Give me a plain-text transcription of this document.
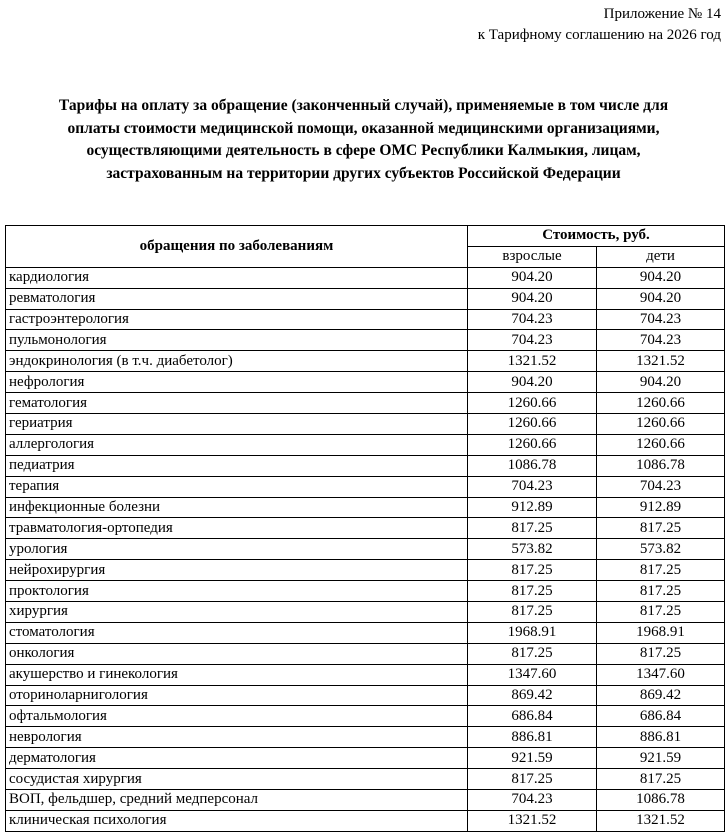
Приложение № 14
к Тарифному соглашению на 2026 год
Тарифы на оплату за обращение (законченный случай), применяемые в том числе для
оплаты стоимости медицинской помощи, оказанной медицинскими организациями,
осуществляющими деятельность в сфере ОМС Республики Калмыкия, лицам,
застрахованным на территории других субъектов Российской Федерации
обращения по заболеваниям	Стоимость, руб.	
	взрослые	дети
кардиология	904.20	904.20
ревматология	904.20	904.20
гастроэнтерология	704.23	704.23
пульмонология	704.23	704.23
эндокринология (в т.ч. диабетолог)	1321.52	1321.52
нефрология	904.20	904.20
гематология	1260.66	1260.66
гериатрия	1260.66	1260.66
аллергология	1260.66	1260.66
педиатрия	1086.78	1086.78
терапия	704.23	704.23
инфекционные болезни	912.89	912.89
травматология-ортопедия	817.25	817.25
урология	573.82	573.82
нейрохирургия	817.25	817.25
проктология	817.25	817.25
хирургия	817.25	817.25
стоматология	1968.91	1968.91
онкология	817.25	817.25
акушерство и гинекология	1347.60	1347.60
оториноларнигология	869.42	869.42
офтальмология	686.84	686.84
неврология	886.81	886.81
дерматология	921.59	921.59
сосудистая хирургия	817.25	817.25
ВОП, фельдшер, средний медперсонал	704.23	1086.78
клиническая психология	1321.52	1321.52
